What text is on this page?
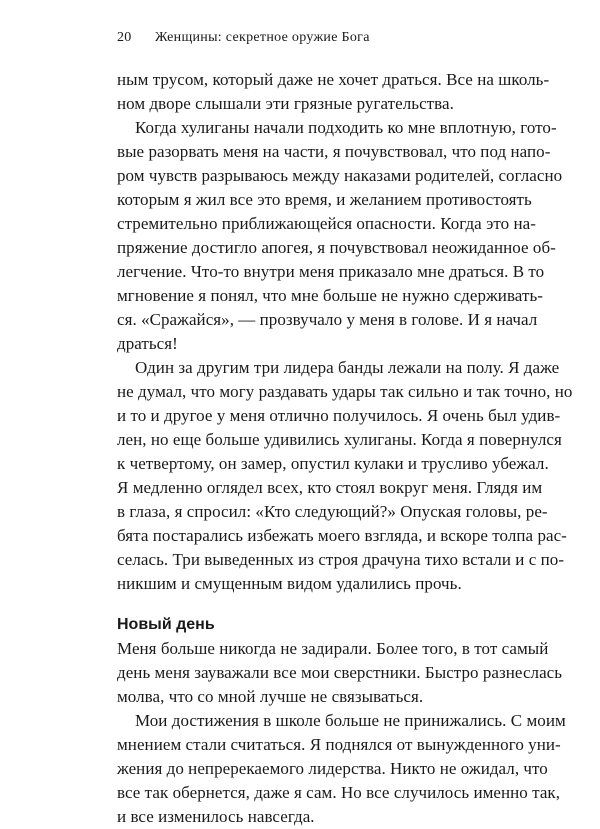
20 Женщины: секретное оружие Бога
ным трусом, который даже не хочет драться. Все на школь-
ном дворе слышали эти грязные ругательства.
Когда хулиганы начали подходить ко мне вплотную, гото-
вые разорвать меня на части, я почувствовал, что под напо-
ром чувств разрываюсь между наказами родителей, согласно
которым я жил все это время, и желанием противостоять
стремительно приближающейся опасности. Когда это на-
пряжение достигло апогея, я почувствовал неожиданное об-
легчение. Что-то внутри меня приказало мне драться. В то
мгновение я понял, что мне больше не нужно сдерживать-
ся. «Сражайся», — прозвучало у меня в голове. И я начал
драться!
Один за другим три лидера банды лежали на полу. Я даже
не думал, что могу раздавать удары так сильно и так точно, но
и то и другое у меня отлично получилось. Я очень был удив-
лен, но еще больше удивились хулиганы. Когда я повернулся
к четвертому, он замер, опустил кулаки и трусливо убежал.
Я медленно оглядел всех, кто стоял вокруг меня. Глядя им
в глаза, я спросил: «Кто следующий?» Опуская головы, ре-
бята постарались избежать моего взгляда, и вскоре толпа рас-
селась. Три выведенных из строя драчуна тихо встали и с по-
никшим и смущенным видом удалились прочь.
Новый день
Меня больше никогда не задирали. Более того, в тот самый
день меня зауважали все мои сверстники. Быстро разнеслась
молва, что со мной лучше не связываться.
Мои достижения в школе больше не принижались. С моим
мнением стали считаться. Я поднялся от вынужденного уни-
жения до непререкаемого лидерства. Никто не ожидал, что
все так обернется, даже я сам. Но все случилось именно так,
и все изменилось навсегда.
